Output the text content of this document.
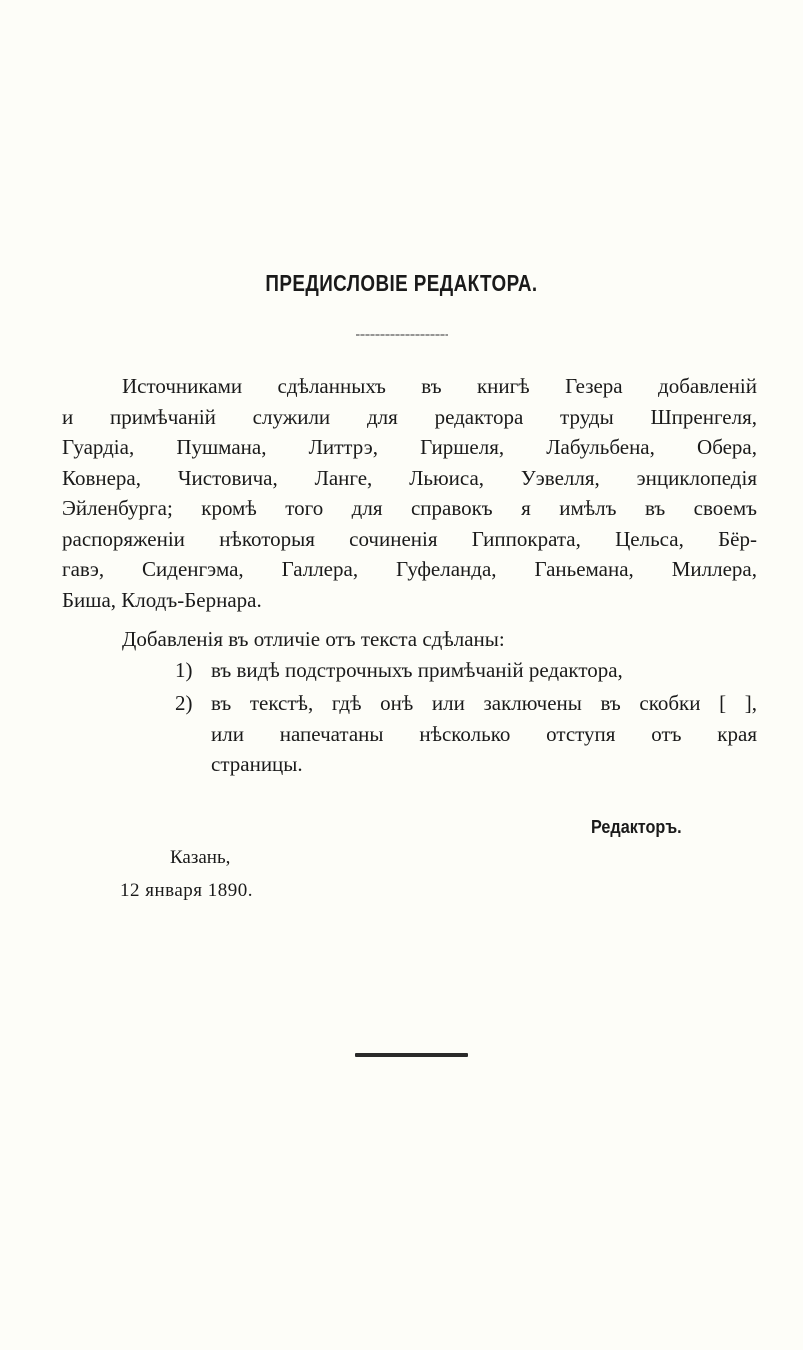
ПРЕДИСЛОВІЕ РЕДАКТОРА.
Источниками сдѣланныхъ въ книгѣ Гезера добавленій
и примѣчаній служили для редактора труды Шпренгеля,
Гуардіа, Пушмана, Литтрэ, Гиршеля, Лабульбена, Обера,
Ковнера, Чистовича, Ланге, Льюиса, Уэвелля, энциклопедія
Эйленбурга; кромѣ того для справокъ я имѣлъ въ своемъ
распоряженіи нѣкоторыя сочиненія Гиппократа, Цельса, Бёр-
гавэ, Сиденгэма, Галлера, Гуфеланда, Ганьемана, Миллера,
Биша, Клодъ-Бернара.
Добавленія въ отличіе отъ текста сдѣланы:
1) въ видѣ подстрочныхъ примѣчаній редактора,
2) въ текстѣ, гдѣ онѣ или заключены въ скобки [ ],
или напечатаны нѣсколько отступя отъ края
страницы.
Редакторъ.
Казань,
12 января 1890.
